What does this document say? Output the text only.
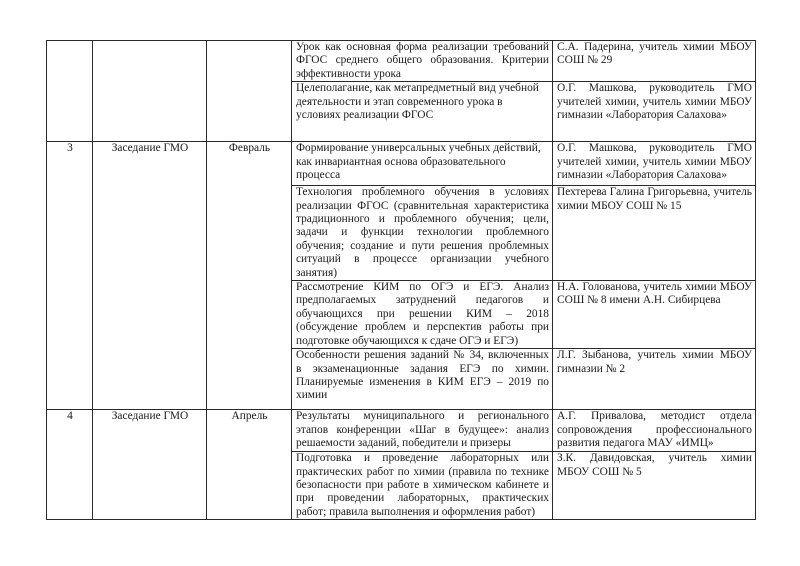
			Урок как основная форма реализации требований ФГОС среднего общего образования. Критерии эффективности урока	С.А. Падерина, учитель химии МБОУ СОШ № 29

			Целеполагание, как метапредметный вид учебной деятельности и этап современного урока в условиях реализации ФГОС	О.Г. Машкова, руководитель ГМО учителей химии, учитель химии МБОУ гимназии «Лаборатория Салахова»

3	Заседание ГМО	Февраль	Формирование универсальных учебных действий, как инвариантная основа образовательного процесса	О.Г. Машкова, руководитель ГМО учителей химии, учитель химии МБОУ гимназии «Лаборатория Салахова»

			Технология проблемного обучения в условиях реализации ФГОС (сравнительная характеристика традиционного и проблемного обучения; цели, задачи и функции технологии проблемного обучения; создание и пути решения проблемных ситуаций в процессе организации учебного занятия)	Пехтерева Галина Григорьевна, учитель химии МБОУ СОШ № 15

			Рассмотрение КИМ по ОГЭ и ЕГЭ. Анализ предполагаемых затруднений педагогов и обучающихся при решении КИМ – 2018 (обсуждение проблем и перспектив работы при подготовке обучающихся к сдаче ОГЭ и ЕГЭ)	Н.А. Голованова, учитель химии МБОУ СОШ № 8 имени А.Н. Сибирцева

			Особенности решения заданий № 34, включенных в экзаменационные задания ЕГЭ по химии. Планируемые изменения в КИМ ЕГЭ – 2019 по химии	Л.Г. Зыбанова, учитель химии МБОУ гимназии № 2

4	Заседание ГМО	Апрель	Результаты муниципального и регионального этапов конференции «Шаг в будущее»: анализ решаемости заданий, победители и призеры	А.Г. Привалова, методист отдела сопровождения профессионального развития педагога МАУ «ИМЦ»

			Подготовка и проведение лабораторных или практических работ по химии (правила по технике безопасности при работе в химическом кабинете и при проведении лабораторных, практических работ; правила выполнения и оформления работ)	З.К. Давидовская, учитель химии МБОУ СОШ № 5
